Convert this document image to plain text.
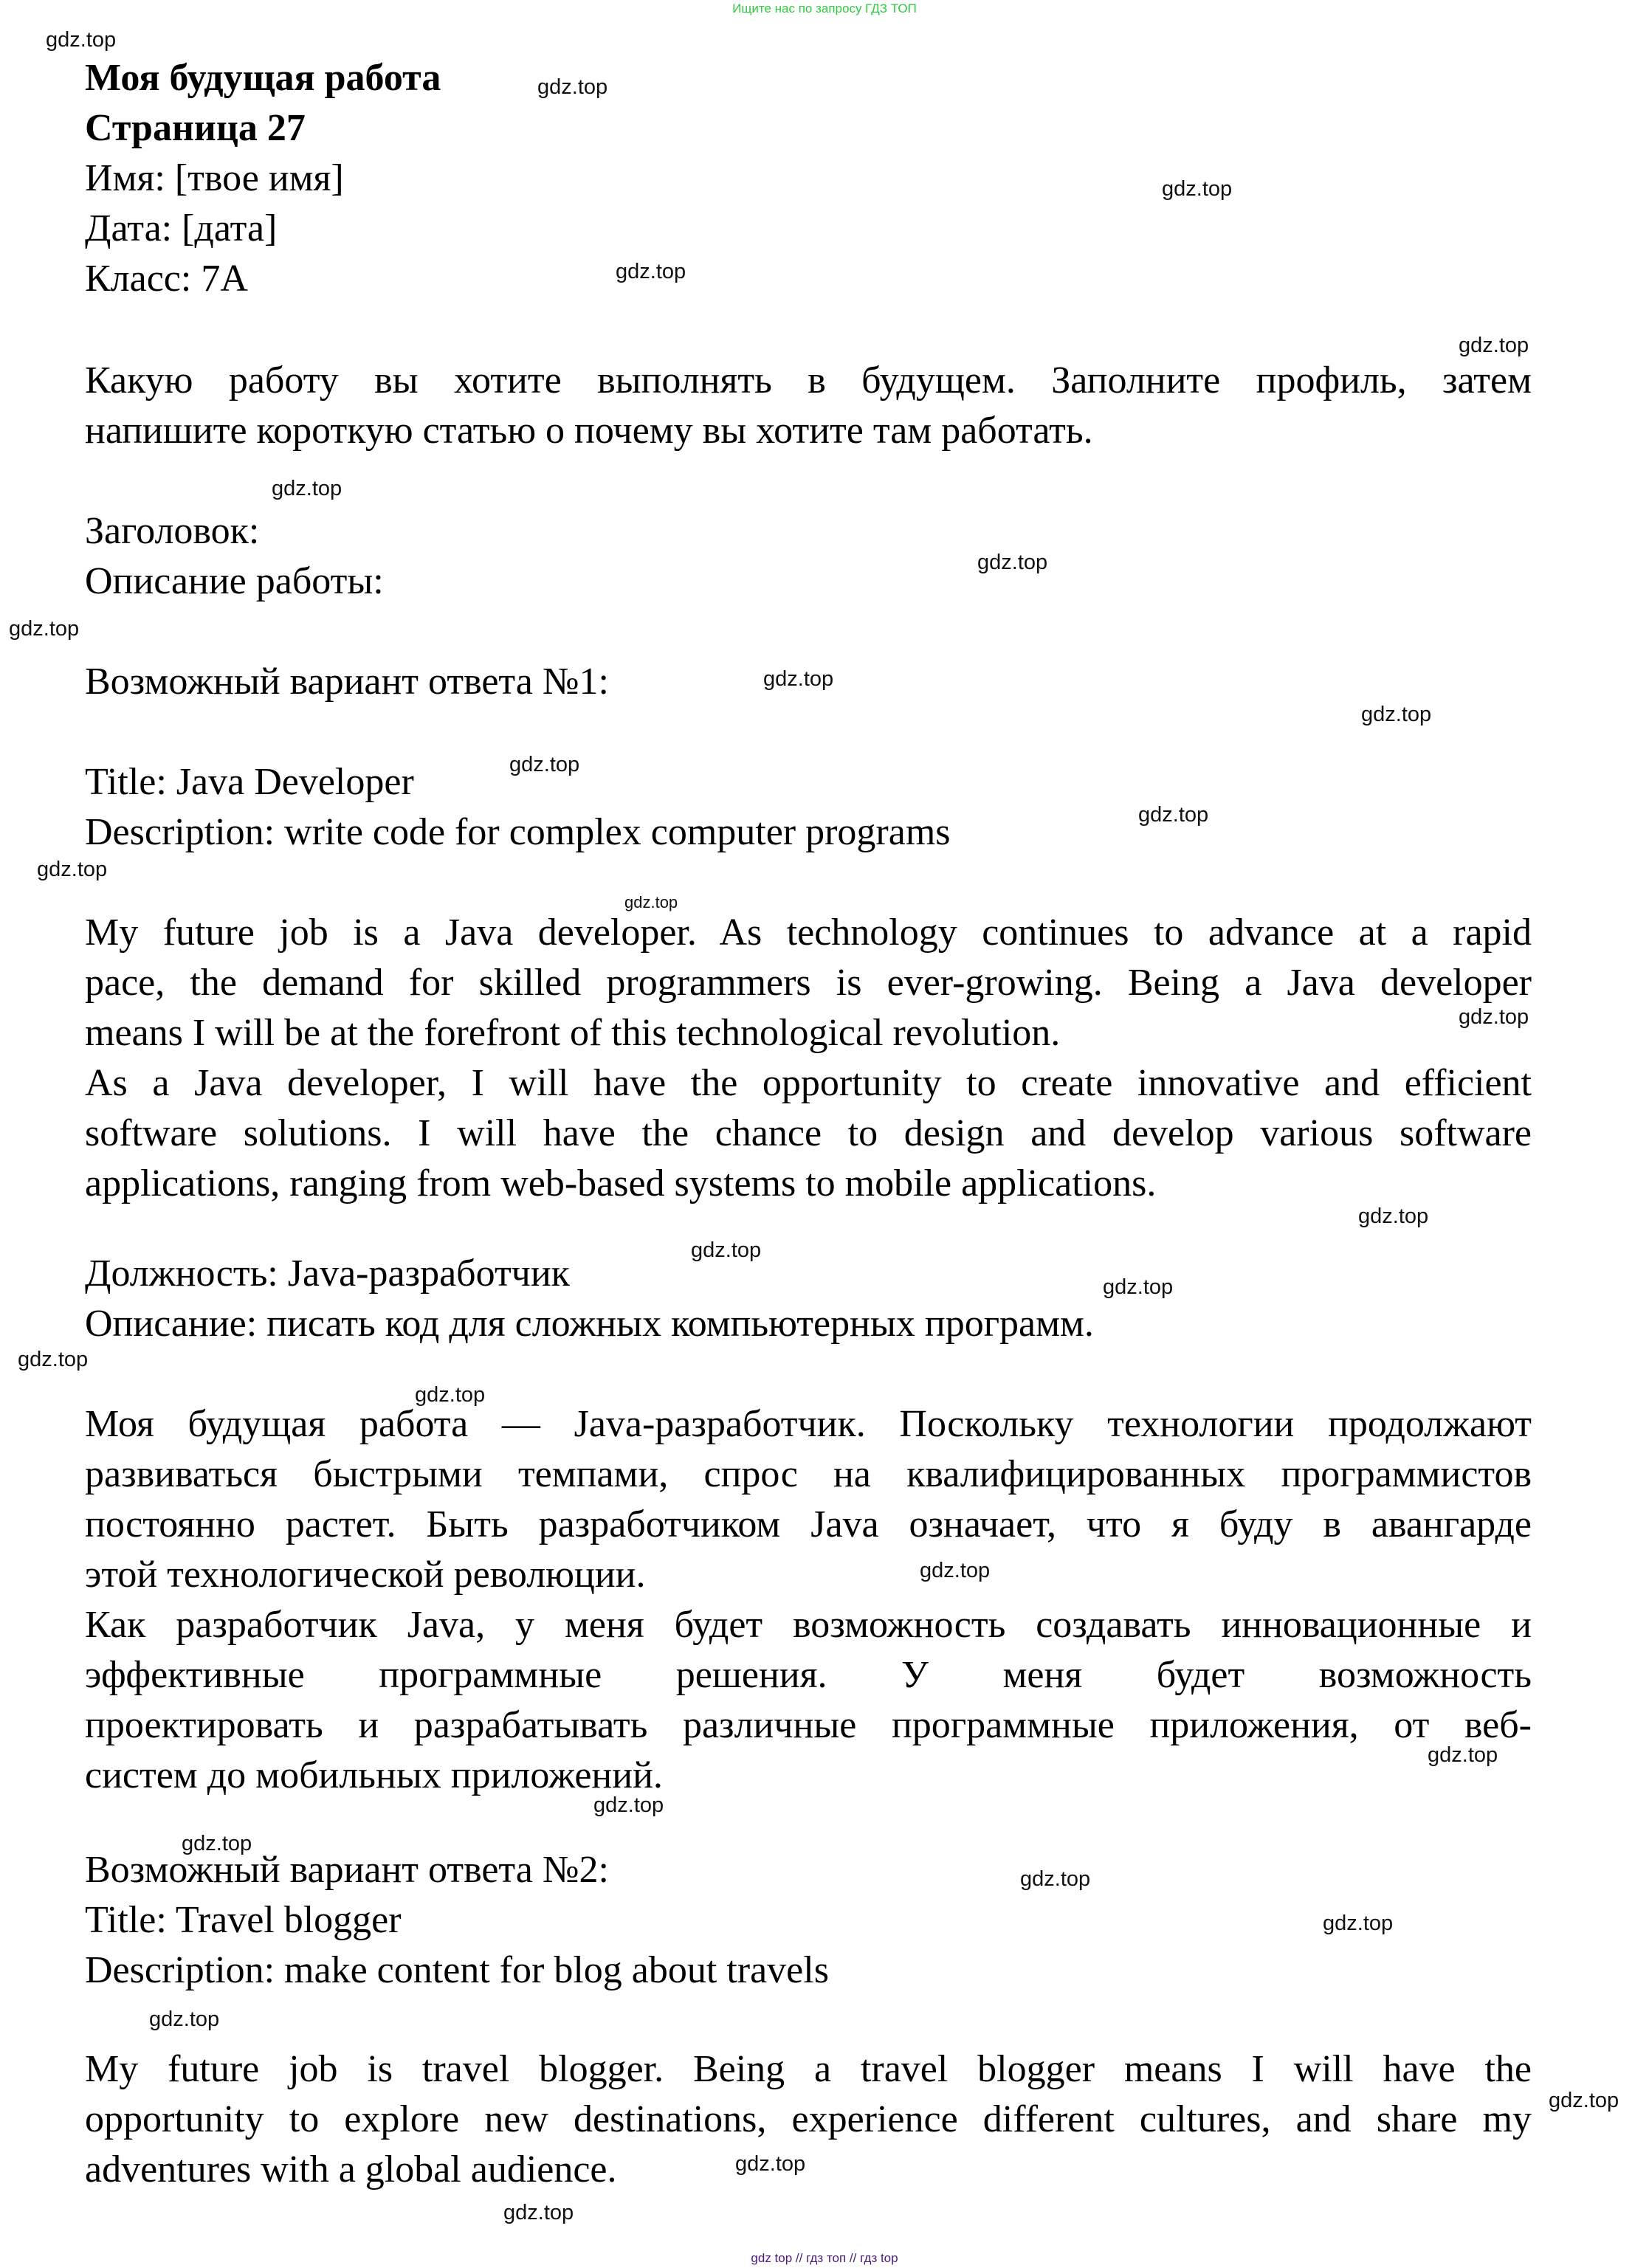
Ищите нас по запросу ГДЗ ТОП
Моя будущая работа
Страница 27
Имя: [твое имя]
Дата: [дата]
Класс: 7А
Какую работу вы хотите выполнять в будущем. Заполните профиль, затем
напишите короткую статью о почему вы хотите там работать.
Заголовок:
Описание работы:
Возможный вариант ответа №1:
Title: Java Developer
Description: write code for complex computer programs
My future job is a Java developer. As technology continues to advance at a rapid
pace, the demand for skilled programmers is ever-growing. Being a Java developer
means I will be at the forefront of this technological revolution.
As a Java developer, I will have the opportunity to create innovative and efficient
software solutions. I will have the chance to design and develop various software
applications, ranging from web-based systems to mobile applications.
Должность: Java-разработчик
Описание: писать код для сложных компьютерных программ.
Моя будущая работа — Java-разработчик. Поскольку технологии продолжают
развиваться быстрыми темпами, спрос на квалифицированных программистов
постоянно растет. Быть разработчиком Java означает, что я буду в авангарде
этой технологической революции.
Как разработчик Java, у меня будет возможность создавать инновационные и
эффективные программные решения. У меня будет возможность
проектировать и разрабатывать различные программные приложения, от веб-
систем до мобильных приложений.
Возможный вариант ответа №2:
Title: Travel blogger
Description: make content for blog about travels
My future job is travel blogger. Being a travel blogger means I will have the
opportunity to explore new destinations, experience different cultures, and share my
adventures with a global audience.
gdz.top
gdz.top
gdz.top
gdz.top
gdz.top
gdz.top
gdz.top
gdz.top
gdz.top
gdz.top
gdz.top
gdz.top
gdz.top
gdz.top
gdz.top
gdz.top
gdz.top
gdz.top
gdz.top
gdz.top
gdz.top
gdz.top
gdz.top
gdz.top
gdz.top
gdz.top
gdz.top
gdz.top
gdz.top
gdz.top
gdz top // гдз топ // гдз top
